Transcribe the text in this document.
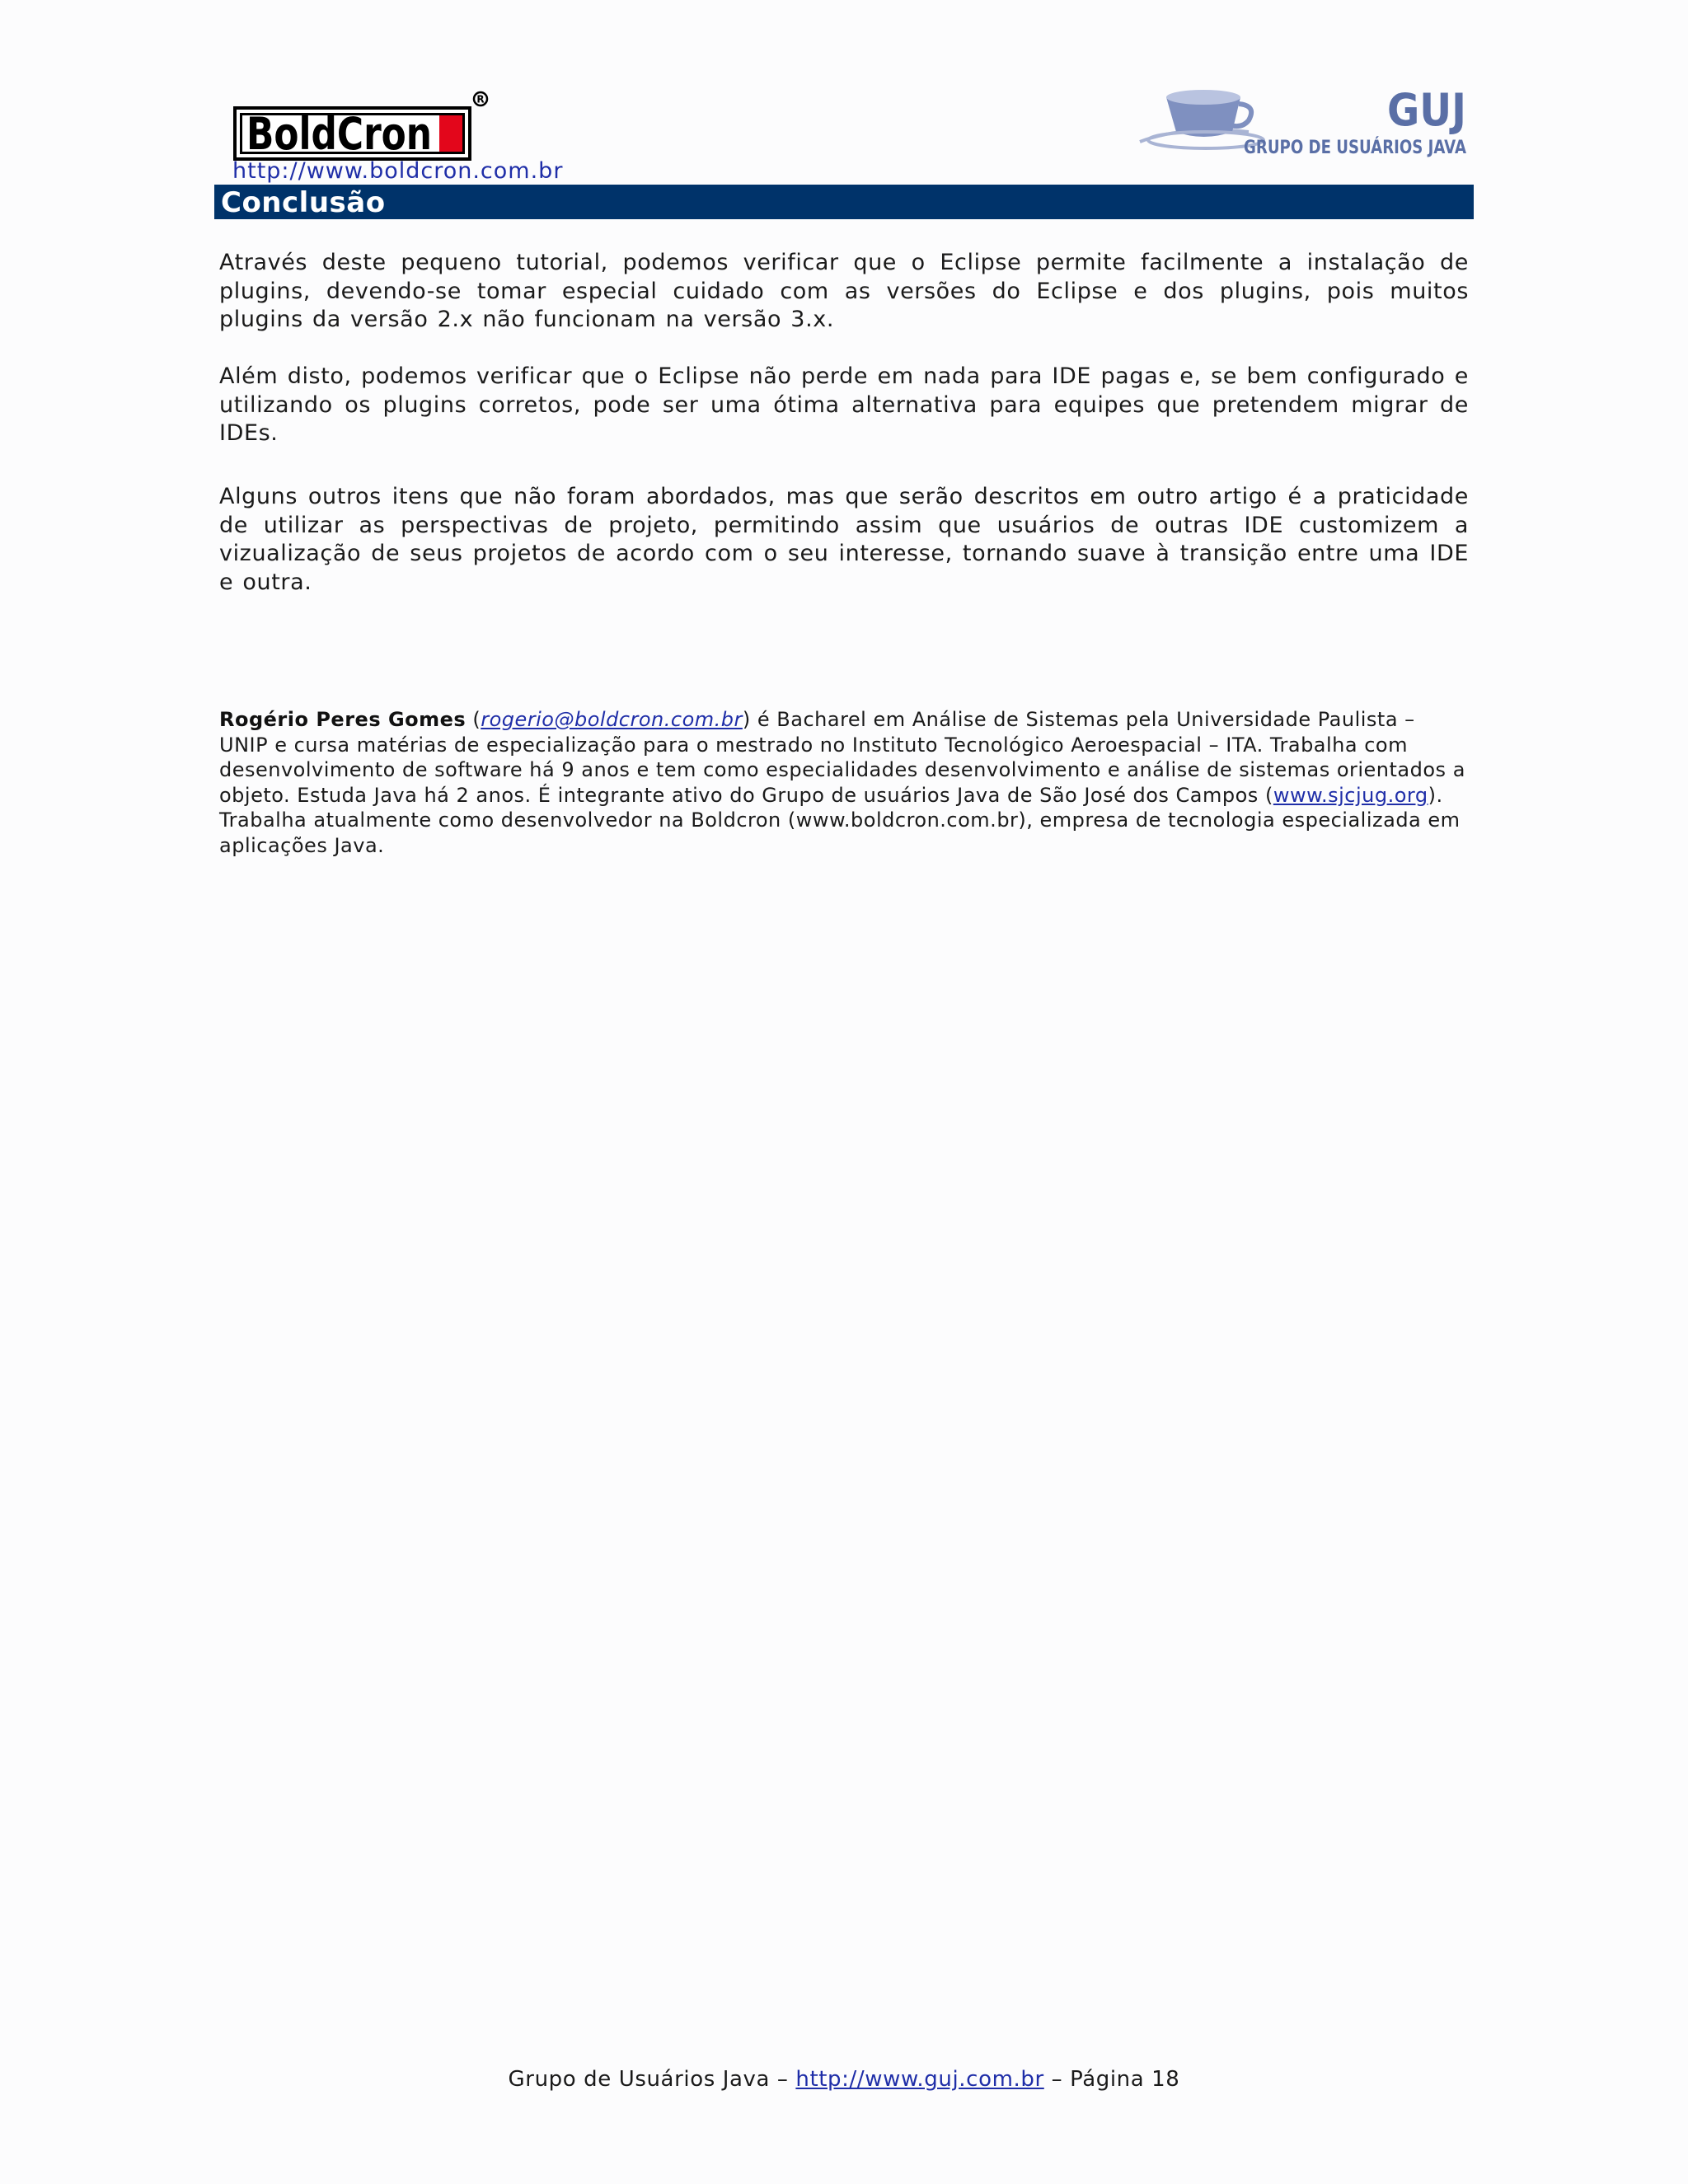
BoldCron
R
http://www.boldcron.com.br
GUJ
GRUPO DE USUÁRIOS JAVA
Conclusão

Através deste pequeno tutorial, podemos verificar que o Eclipse permite facilmente a instalação de plugins, devendo-se tomar especial cuidado com as versões do Eclipse e dos plugins, pois muitos plugins da versão 2.x não funcionam na versão 3.x.

Além disto, podemos verificar que o Eclipse não perde em nada para IDE pagas e, se bem configurado e utilizando os plugins corretos, pode ser uma ótima alternativa para equipes que pretendem migrar de IDEs.

Alguns outros itens que não foram abordados, mas que serão descritos em outro artigo é a praticidade de utilizar as perspectivas de projeto, permitindo assim que usuários de outras IDE customizem a vizualização de seus projetos de acordo com o seu interesse, tornando suave à transição entre uma IDE e outra.

Rogério Peres Gomes (rogerio@boldcron.com.br) é Bacharel em Análise de Sistemas pela Universidade Paulista – UNIP e cursa matérias de especialização para o mestrado no Instituto Tecnológico Aeroespacial – ITA. Trabalha com desenvolvimento de software há 9 anos e tem como especialidades desenvolvimento e análise de sistemas orientados a objeto. Estuda Java há 2 anos. É integrante ativo do Grupo de usuários Java de São José dos Campos (www.sjcjug.org). Trabalha atualmente como desenvolvedor na Boldcron (www.boldcron.com.br), empresa de tecnologia especializada em aplicações Java.

Grupo de Usuários Java – http://www.guj.com.br – Página 18
